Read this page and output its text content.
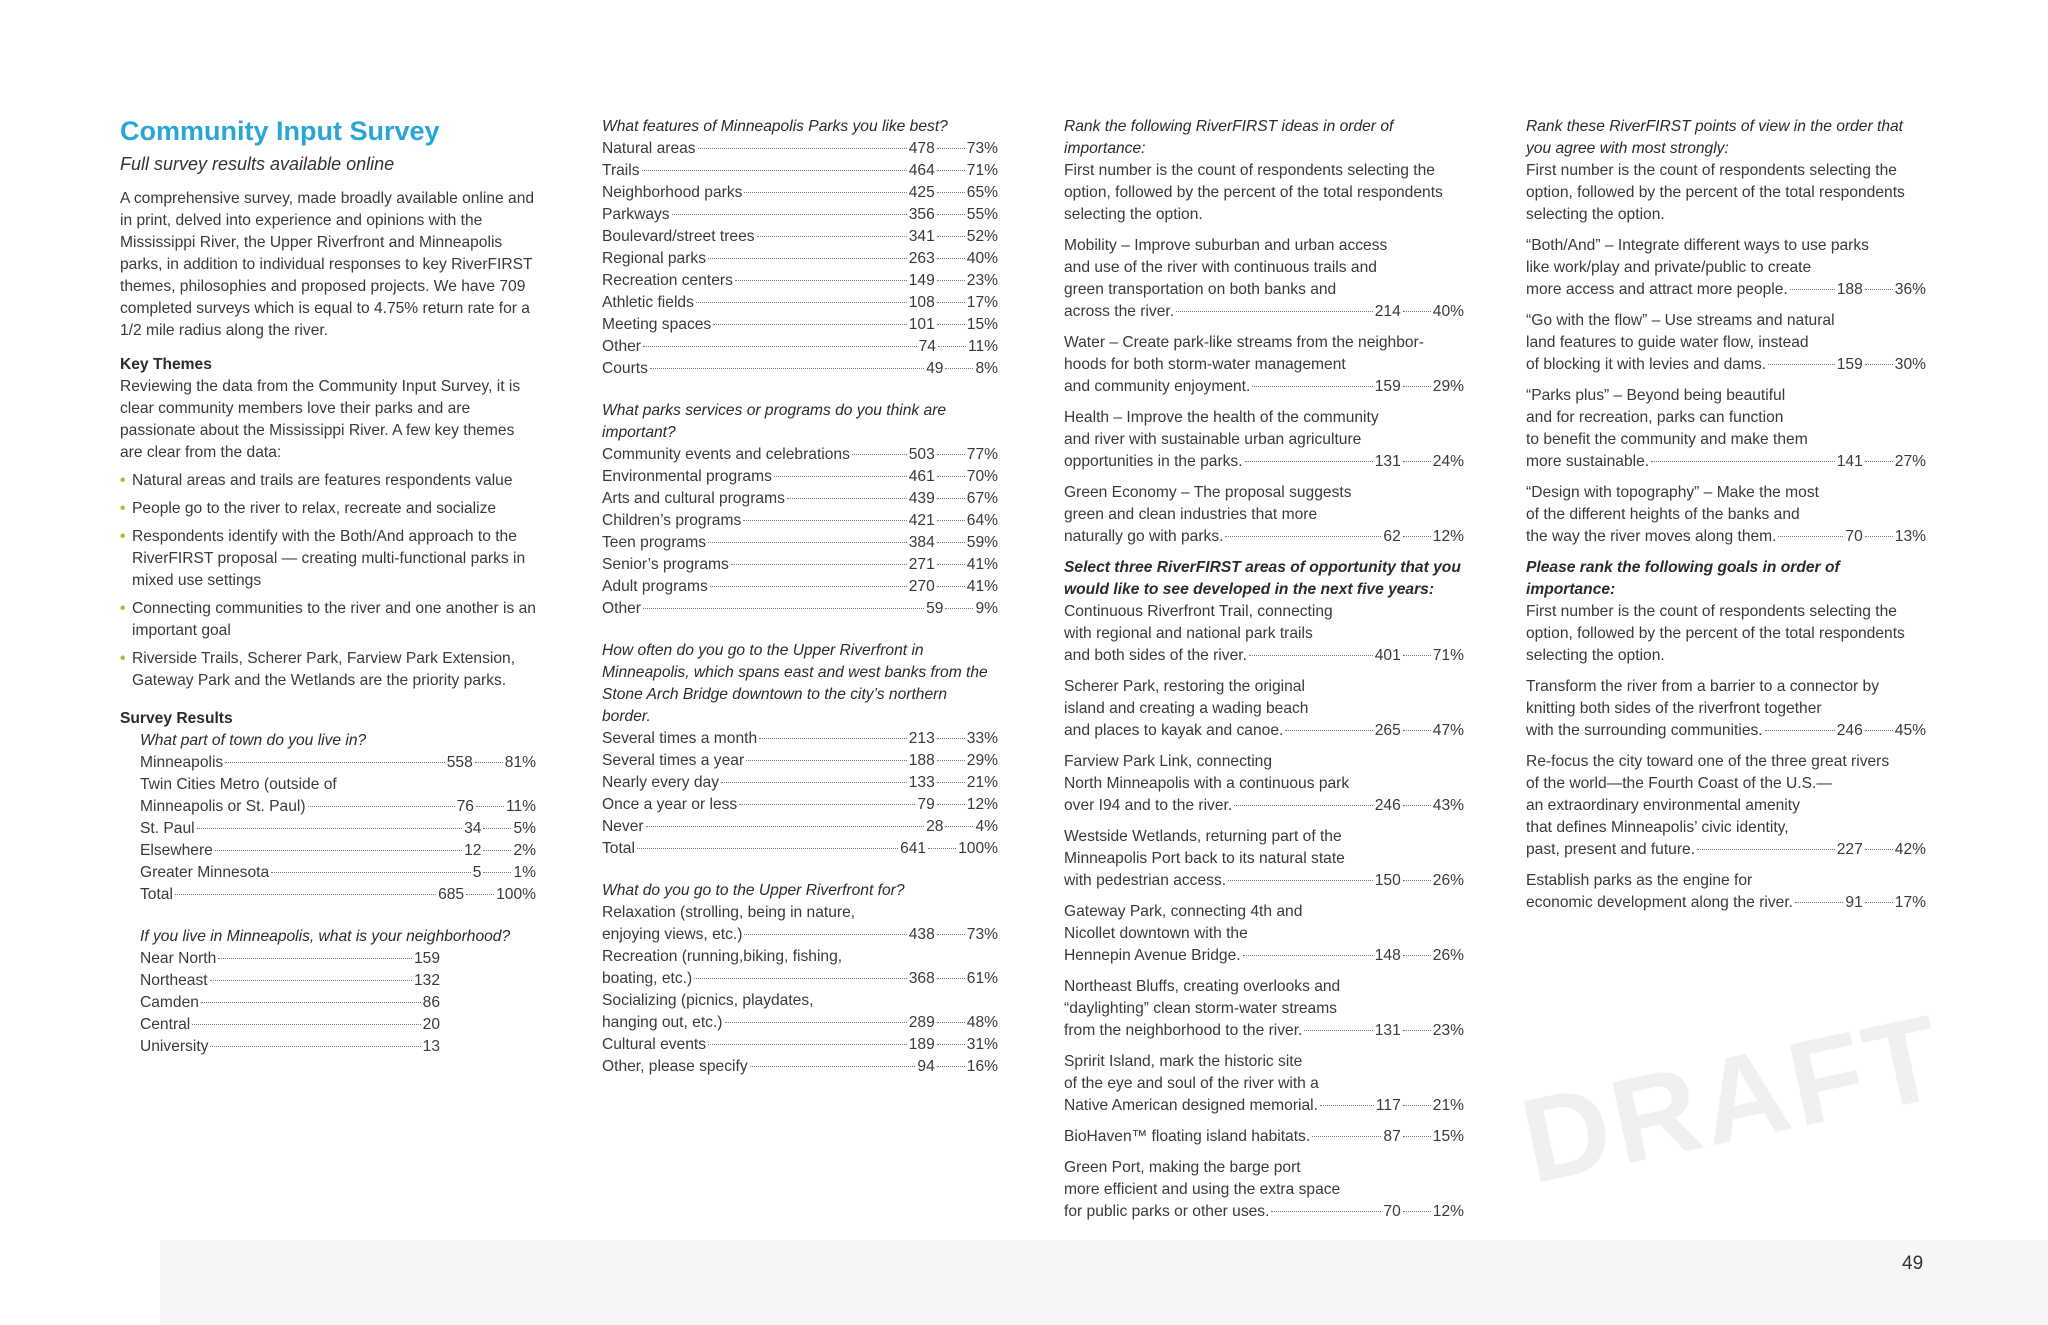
DRAFT
Community Input Survey
Full survey results available online

A comprehensive survey, made broadly available online and in print, delved into experience and opinions with the Mississippi River, the Upper Riverfront and Minneapolis parks, in addition to individual responses to key RiverFIRST themes, philosophies and proposed projects. We have 709 completed surveys which is equal to 4.75% return rate for a 1/2 mile radius along the river.

Key Themes

Reviewing the data from the Community Input Survey, it is clear community members love their parks and are passionate about the Mississippi River. A few key themes are clear from the data:

• Natural areas and trails are features respondents value
• People go to the river to relax, recreate and socialize
• Respondents identify with the Both/And approach to the RiverFIRST proposal — creating multi-functional parks in mixed use settings
• Connecting communities to the river and one another is an important goal
• Riverside Trails, Scherer Park, Farview Park Extension, Gateway Park and the Wetlands are the priority parks.
Survey Results
What part of town do you live in?
Minneapolis	558 81%
Twin Cities Metro (outside of
Minneapolis or St. Paul)	76 11%
St. Paul	34 5%
Elsewhere	12 2%
Greater Minnesota	5 1%
Total	685 100%
If you live in Minneapolis, what is your neighborhood?
Near North	159
Northeast	132
Camden	86
Central	20
University	13
What features of Minneapolis Parks you like best?
Natural areas	478 73%
Trails	464 71%
Neighborhood parks	425 65%
Parkways	356 55%
Boulevard/street trees	341 52%
Regional parks	263 40%
Recreation centers	149 23%
Athletic fields	108 17%
Meeting spaces	101 15%
Other	74 11%
Courts	49 8%
What parks services or programs do you think are important?
Community events and celebrations	503 77%
Environmental programs	461 70%
Arts and cultural programs	439 67%
Children’s programs	421 64%
Teen programs	384 59%
Senior’s programs	271 41%
Adult programs	270 41%
Other	59 9%
How often do you go to the Upper Riverfront in Minneapolis, which spans east and west banks from the Stone Arch Bridge downtown to the city’s northern border.
Several times a month	213 33%
Several times a year	188 29%
Nearly every day	133 21%
Once a year or less	79 12%
Never	28 4%
Total	641 100%
What do you go to the Upper Riverfront for?
Relaxation (strolling, being in nature,
enjoying views, etc.)	438 73%
Recreation (running,biking, fishing,
boating, etc.)	368 61%
Socializing (picnics, playdates,
hanging out, etc.)	289 48%
Cultural events	189 31%
Other, please specify	94 16%
Rank the following RiverFIRST ideas in order of importance:

First number is the count of respondents selecting the option, followed by the percent of the total respondents selecting the option.

Mobility – Improve suburban and urban access
and use of the river with continuous trails and
green transportation on both banks and
across the river.	214 40%
Water – Create park-like streams from the neighbor-
hoods for both storm-water management
and community enjoyment.	159 29%
Health – Improve the health of the community
and river with sustainable urban agriculture
opportunities in the parks.	131 24%
Green Economy – The proposal suggests
green and clean industries that more
naturally go with parks.	62 12%
Select three RiverFIRST areas of opportunity that you would like to see developed in the next five years:
Continuous Riverfront Trail, connecting
with regional and national park trails
and both sides of the river.	401 71%
Scherer Park, restoring the original
island and creating a wading beach
and places to kayak and canoe.	265 47%
Farview Park Link, connecting
North Minneapolis with a continuous park
over I94 and to the river.	246 43%
Westside Wetlands, returning part of the
Minneapolis Port back to its natural state
with pedestrian access.	150 26%
Gateway Park, connecting 4th and
Nicollet downtown with the
Hennepin Avenue Bridge.	148 26%
Northeast Bluffs, creating overlooks and
“daylighting” clean storm-water streams
from the neighborhood to the river.	131 23%
Spririt Island, mark the historic site
of the eye and soul of the river with a
Native American designed memorial.	117 21%
BioHaven™ floating island habitats.	87 15%
Green Port, making the barge port
more efficient and using the extra space
for public parks or other uses.	70 12%
Rank these RiverFIRST points of view in the order that you agree with most strongly:

First number is the count of respondents selecting the option, followed by the percent of the total respondents selecting the option.

“Both/And” – Integrate different ways to use parks
like work/play and private/public to create
more access and attract more people.	188 36%
“Go with the flow” – Use streams and natural
land features to guide water flow, instead
of blocking it with levies and dams.	159 30%
“Parks plus” – Beyond being beautiful
and for recreation, parks can function
to benefit the community and make them
more sustainable.	141 27%
“Design with topography” – Make the most
of the different heights of the banks and
the way the river moves along them.	70 13%
Please rank the following goals in order of importance:

First number is the count of respondents selecting the option, followed by the percent of the total respondents selecting the option.

Transform the river from a barrier to a connector by
knitting both sides of the riverfront together
with the surrounding communities.	246 45%
Re-focus the city toward one of the three great rivers
of the world—the Fourth Coast of the U.S.—
an extraordinary environmental amenity
that defines Minneapolis’ civic identity,
past, present and future.	227 42%
Establish parks as the engine for
economic development along the river.	91 17%
49
